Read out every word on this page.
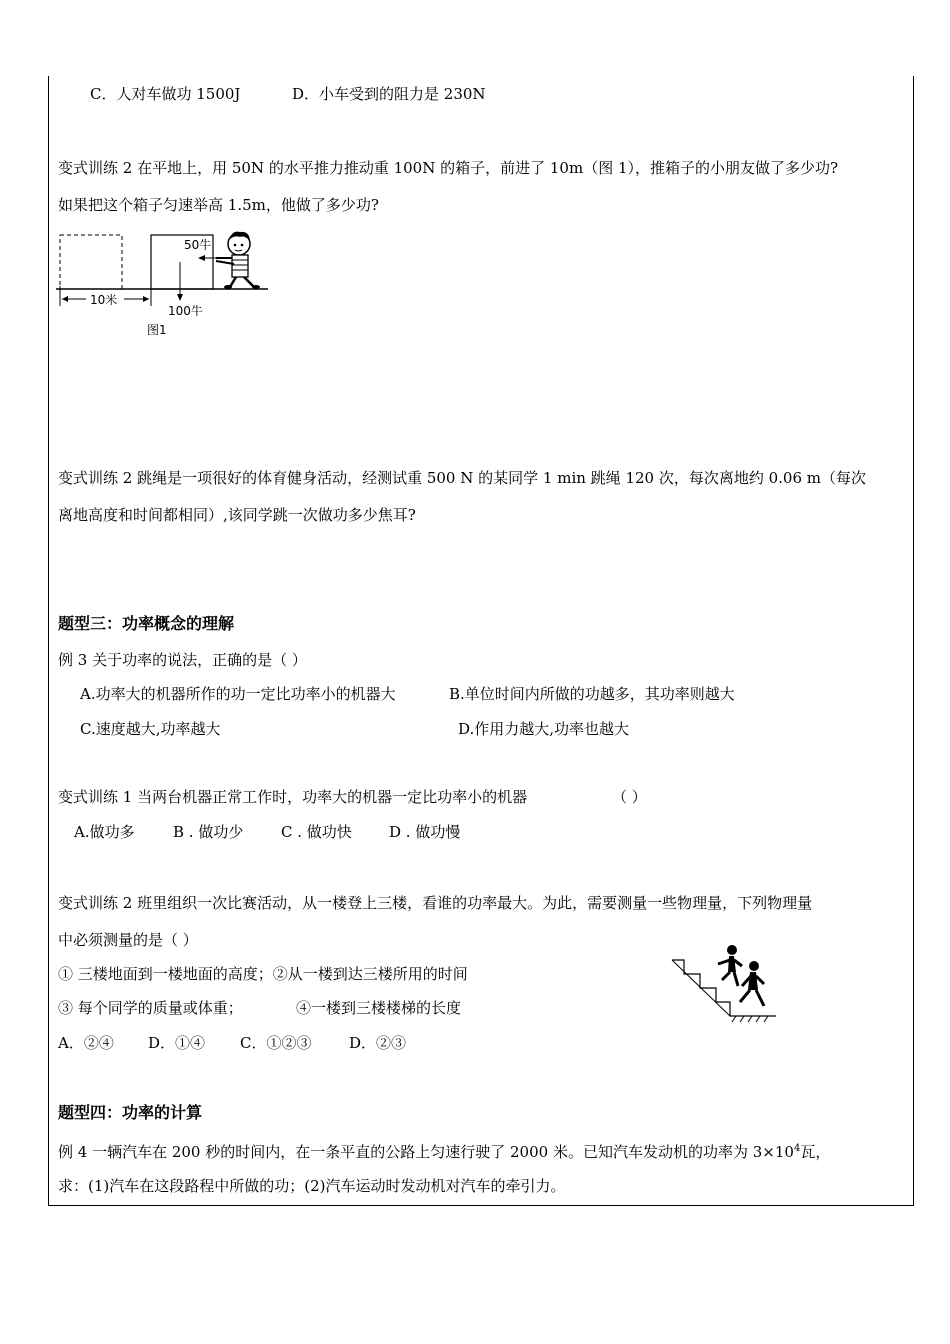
C．人对车做功 1500J	D．小车受到的阻力是 230N
变式训练 2 在平地上，用 50N 的水平推力推动重 100N 的箱子，前进了 10m（图 1），推箱子的小朋友做了多少功?
如果把这个箱子匀速举高 1.5m，他做了多少功?
10米
100牛
50牛
图1
变式训练 2 跳绳是一项很好的体育健身活动，经测试重 500 N 的某同学 1 min 跳绳 120 次，每次离地约 0.06 m（每次
离地高度和时间都相同）,该同学跳一次做功多少焦耳?
题型三：功率概念的理解
例 3 关于功率的说法，正确的是（ ）
A.功率大的机器所作的功一定比功率小的机器大	B.单位时间内所做的功越多，其功率则越大
C.速度越大,功率越大	D.作用力越大,功率也越大
变式训练 1 当两台机器正常工作时，功率大的机器一定比功率小的机器	（ ）
A.做功多	B . 做功少	C . 做功快 D . 做功慢
变式训练 2 班里组织一次比赛活动，从一楼登上三楼，看谁的功率最大。为此，需要测量一些物理量，下列物理量
中必须测量的是（ ）
① 三楼地面到一楼地面的高度；②从一楼到达三楼所用的时间
③ 每个同学的质量或体重；	④一楼到三楼楼梯的长度
A．②④ D．①④ C．①②③	D．②③
题型四：功率的计算
例 4 一辆汽车在 200 秒的时间内，在一条平直的公路上匀速行驶了 2000 米。已知汽车发动机的功率为 $3\times 10^4$瓦，
求：(1)汽车在这段路程中所做的功；(2)汽车运动时发动机对汽车的牵引力。
